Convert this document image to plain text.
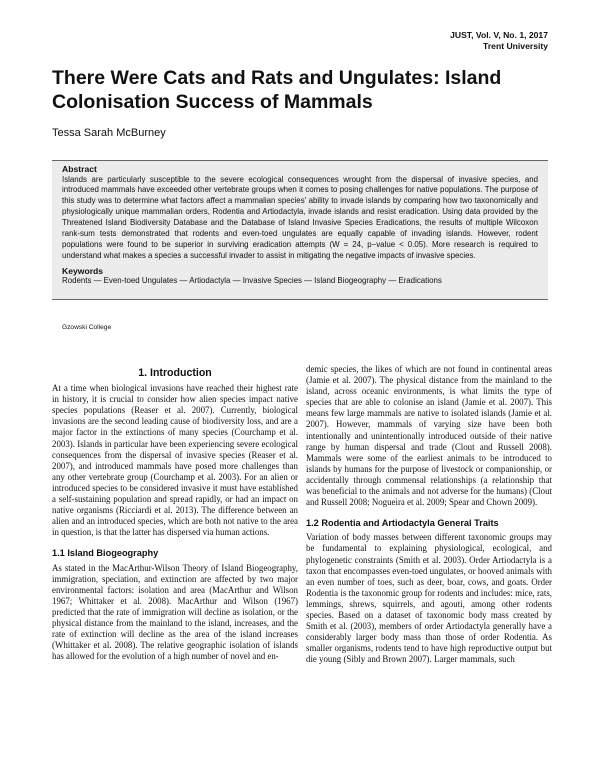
JUST, Vol. V, No. 1, 2017
Trent University
There Were Cats and Rats and Ungulates: Island Colonisation Success of Mammals
Tessa Sarah McBurney
Abstract
Islands are particularly susceptible to the severe ecological consequences wrought from the dispersal of invasive species, and introduced mammals have exceeded other vertebrate groups when it comes to posing challenges for native populations. The purpose of this study was to determine what factors affect a mammalian species' ability to invade islands by comparing how two taxonomically and physiologically unique mammalian orders, Rodentia and Artiodactyla, invade islands and resist eradication. Using data provided by the Threatened Island Biodiversity Database and the Database of Island Invasive Species Eradications, the results of multiple Wilcoxon rank-sum tests demonstrated that rodents and even-toed ungulates are equally capable of invading islands. However, rodent populations were found to be superior in surviving eradication attempts (W = 24, p−value < 0.05). More research is required to understand what makes a species a successful invader to assist in mitigating the negative impacts of invasive species.
Keywords
Rodents — Even-toed Ungulates — Artiodactyla — Invasive Species — Island Biogeography — Eradications
Gzowski College
1. Introduction

At a time when biological invasions have reached their highest rate in history, it is crucial to consider how alien species impact native species populations (Reaser et al. 2007). Currently, biological invasions are the second leading cause of biodiversity loss, and are a major factor in the extinctions of many species (Courchamp et al. 2003). Islands in particular have been experiencing severe ecological consequences from the dispersal of invasive species (Reaser et al. 2007), and introduced mammals have posed more challenges than any other vertebrate group (Courchamp et al. 2003). For an alien or introduced species to be considered invasive it must have established a self-sustaining population and spread rapidly, or had an impact on native organisms (Ricciardi et al. 2013). The difference between an alien and an introduced species, which are both not native to the area in question, is that the latter has dispersed via human actions.

1.1 Island Biogeography

As stated in the MacArthur-Wilson Theory of Island Biogeography, immigration, speciation, and extinction are affected by two major environmental factors: isolation and area (MacArthur and Wilson 1967; Whittaker et al. 2008). MacArthur and Wilson (1967) predicted that the rate of immigration will decline as isolation, or the physical distance from the mainland to the island, increases, and the rate of extinction will decline as the area of the island increases (Whittaker et al. 2008). The relative geographic isolation of islands has allowed for the evolution of a high number of novel and en-

demic species, the likes of which are not found in continental areas (Jamie et al. 2007). The physical distance from the mainland to the island, across oceanic environments, is what limits the type of species that are able to colonise an island (Jamie et al. 2007). This means few large mammals are native to isolated islands (Jamie et al. 2007). However, mammals of varying size have been both intentionally and unintentionally introduced outside of their native range by human dispersal and trade (Clout and Russell 2008). Mammals were some of the earliest animals to be introduced to islands by humans for the purpose of livestock or companionship, or accidentally through commensal relationships (a relationship that was beneficial to the animals and not adverse for the humans) (Clout and Russell 2008; Nogueira et al. 2009; Spear and Chown 2009).

1.2 Rodentia and Artiodactyla General Traits

Variation of body masses between different taxonomic groups may be fundamental to explaining physiological, ecological, and phylogenetic constraints (Smith et al. 2003). Order Artiodactyla is a taxon that encompasses even-toed ungulates, or hooved animals with an even number of toes, such as deer, boar, cows, and goats. Order Rodentia is the taxonomic group for rodents and includes: mice, rats, lemmings, shrews, squirrels, and agouti, among other rodents species. Based on a dataset of taxonomic body mass created by Smith et al. (2003), members of order Artiodactyla generally have a considerably larger body mass than those of order Rodentia. As smaller organisms, rodents tend to have high reproductive output but die young (Sibly and Brown 2007). Larger mammals, such
